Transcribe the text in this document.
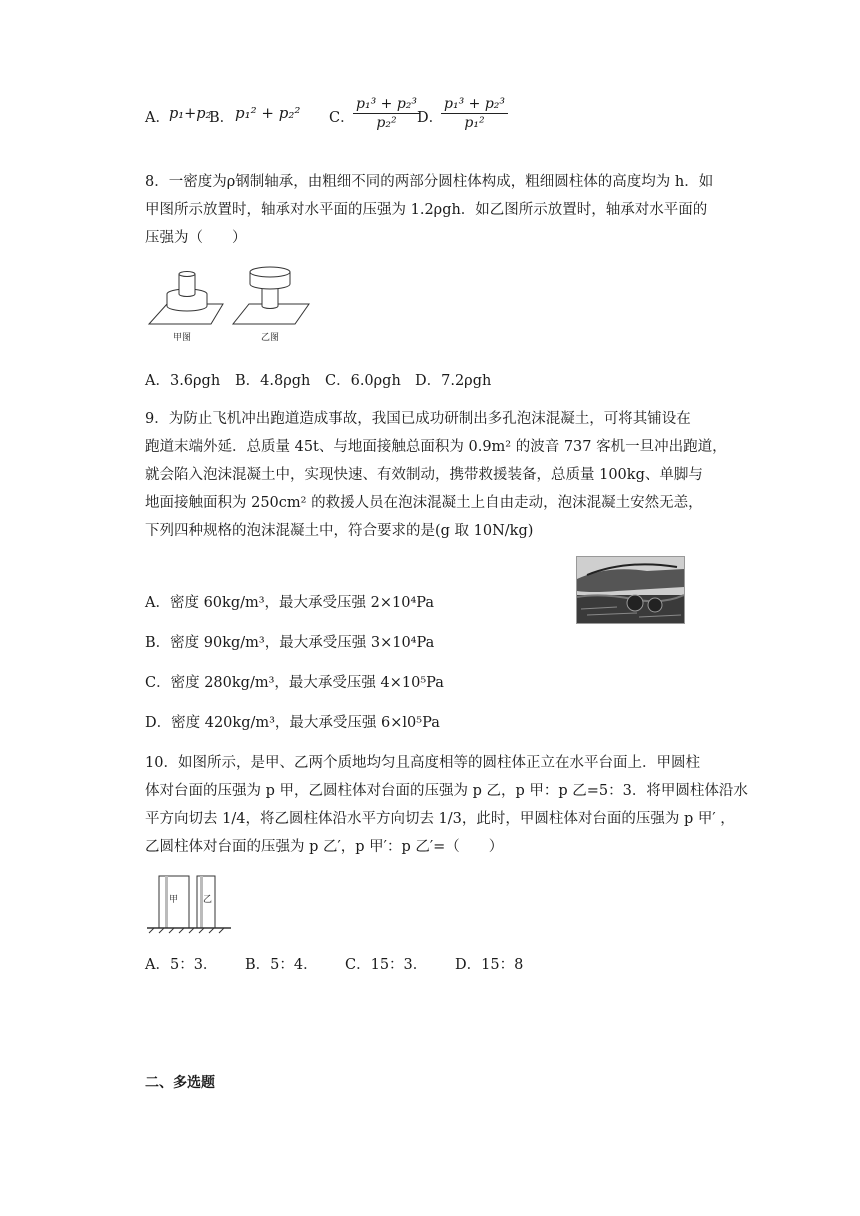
A． p₁+p₂
B． p₁² + p₂² C．
$\frac{\text{p₁³ + p₂³}}{\text{p₂²}}$
D．
$\frac{\text{p₁³ + p₂³}}{\text{p₁²}}$
8．一密度为ρ钢制轴承，由粗细不同的两部分圆柱体构成，粗细圆柱体的高度均为 h．如
甲图所示放置时，轴承对水平面的压强为 1.2ρgh．如乙图所示放置时，轴承对水平面的
压强为（　　）
甲图	乙图
A．3.6ρgh B．4.8ρgh C．6.0ρgh D．7.2ρgh
9．为防止飞机冲出跑道造成事故，我国已成功研制出多孔泡沫混凝土，可将其铺设在
跑道末端外延．总质量 45t、与地面接触总面积为 0.9m² 的波音 737 客机一旦冲出跑道，
就会陷入泡沫混凝土中，实现快速、有效制动，携带救援装备，总质量 100kg、单脚与
地面接触面积为 250cm² 的救援人员在泡沫混凝土上自由走动，泡沫混凝土安然无恙，
下列四种规格的泡沫混凝土中，符合要求的是(g 取 10N/kg)
A．密度 60kg/m³，最大承受压强 2×10⁴Pa
B．密度 90kg/m³，最大承受压强 3×10⁴Pa
C．密度 280kg/m³，最大承受压强 4×10⁵Pa
D．密度 420kg/m³，最大承受压强 6×l0⁵Pa
10．如图所示，是甲、乙两个质地均匀且高度相等的圆柱体正立在水平台面上．甲圆柱
体对台面的压强为 p 甲，乙圆柱体对台面的压强为 p 乙，p 甲：p 乙=5：3．将甲圆柱体沿水
平方向切去 1/4，将乙圆柱体沿水平方向切去 1/3，此时，甲圆柱体对台面的压强为 p 甲′ ，
乙圆柱体对台面的压强为 p 乙′，p 甲′：p 乙′=（　　）
甲	乙
A．5：3． B．5：4． C．15：3． D．15：8
二、多选题
